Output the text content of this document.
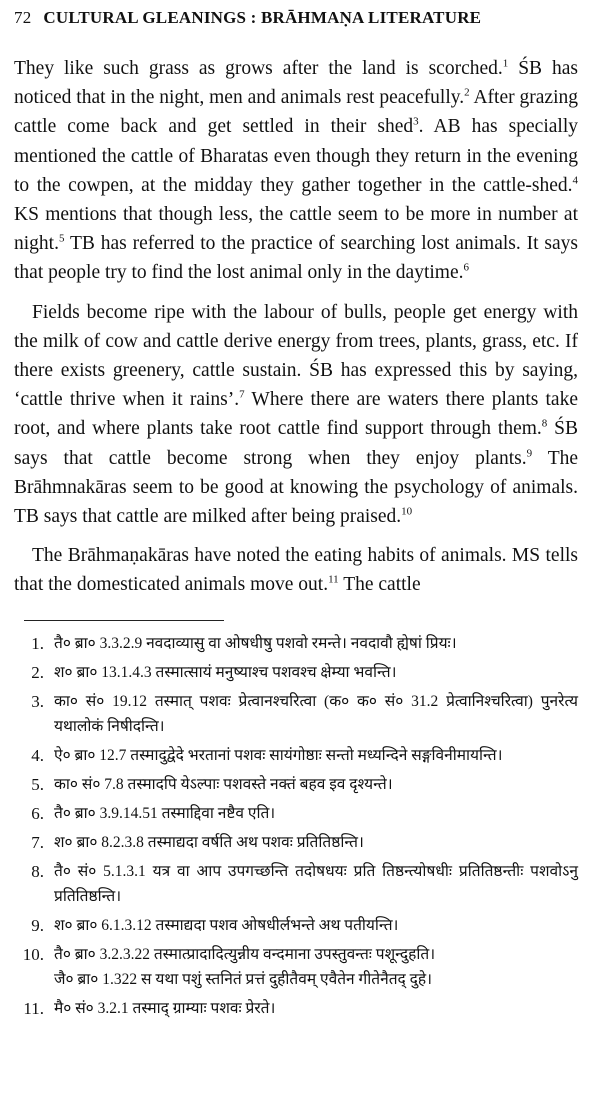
72 CULTURAL GLEANINGS : BRĀHMAṆA LITERATURE

They like such grass as grows after the land is scorched.$^1$ ŚB has noticed that in the night, men and animals rest peacefully.$^2$ After grazing cattle come back and get settled in their shed$^3$. AB has specially mentioned the cattle of Bharatas even though they return in the evening to the cowpen, at the midday they gather together in the cattle-shed.$^4$ KS mentions that though less, the cattle seem to be more in number at night.$^5$ TB has referred to the practice of searching lost animals. It says that people try to find the lost animal only in the daytime.$^6$

Fields become ripe with the labour of bulls, people get energy with the milk of cow and cattle derive energy from trees, plants, grass, etc. If there exists greenery, cattle sustain. ŚB has expressed this by saying, ‘cattle thrive when it rains’.$^7$ Where there are waters there plants take root, and where plants take root cattle find support through them.$^8$ ŚB says that cattle become strong when they enjoy plants.$^9$ The Brāhmnakāras seem to be good at knowing the psychology of animals. TB says that cattle are milked after being praised.$^{10}$

The Brāhmaṇakāras have noted the eating habits of animals. MS tells that the domesticated animals move out.$^{11}$ The cattle

1. तै० ब्रा० 3.3.2.9 नवदाव्यासु वा ओषधीषु पशवो रमन्ते। नवदावौ ह्येषां प्रियः।
2. श० ब्रा० 13.1.4.3 तस्मात्सायं मनुष्याश्च पशवश्च क्षेम्या भवन्ति।
3. का० सं० 19.12 तस्मात् पशवः प्रेत्वानश्चरित्वा (क० क० सं० 31.2 प्रेत्वानिश्चरित्वा) पुनरेत्य यथालोकं निषीदन्ति।
4. ऐ० ब्रा० 12.7 तस्मादुद्वेदे भरतानां पशवः सायंगोष्ठाः सन्तो मध्यन्दिने सङ्गविनीमायन्ति।
5. का० सं० 7.8 तस्मादपि येऽल्पाः पशवस्ते नक्तं बहव इव दृश्यन्ते।
6. तै० ब्रा० 3.9.14.51 तस्माद्दिवा नष्टैव एति।
7. श० ब्रा० 8.2.3.8 तस्माद्यदा वर्षति अथ पशवः प्रतितिष्ठन्ति।
8. तै० सं० 5.1.3.1 यत्र वा आप उपगच्छन्ति तदोषधयः प्रति तिष्ठन्त्योषधीः प्रतितिष्ठन्तीः पशवोऽनु प्रतितिष्ठन्ति।
9. श० ब्रा० 6.1.3.12 तस्माद्यदा पशव ओषधीर्लभन्ते अथ पतीयन्ति।
10. तै० ब्रा० 3.2.3.22 तस्मात्प्रादादित्युन्नीय वन्दमाना उपस्तुवन्तः पशून्दुहति।
जै० ब्रा० 1.322 स यथा पशुं स्तनितं प्रत्तं दुहीतैवम् एवैतेन गीतेनैतद् दुहे।
11. मै० सं० 3.2.1 तस्माद् ग्राम्याः पशवः प्रेरते।
